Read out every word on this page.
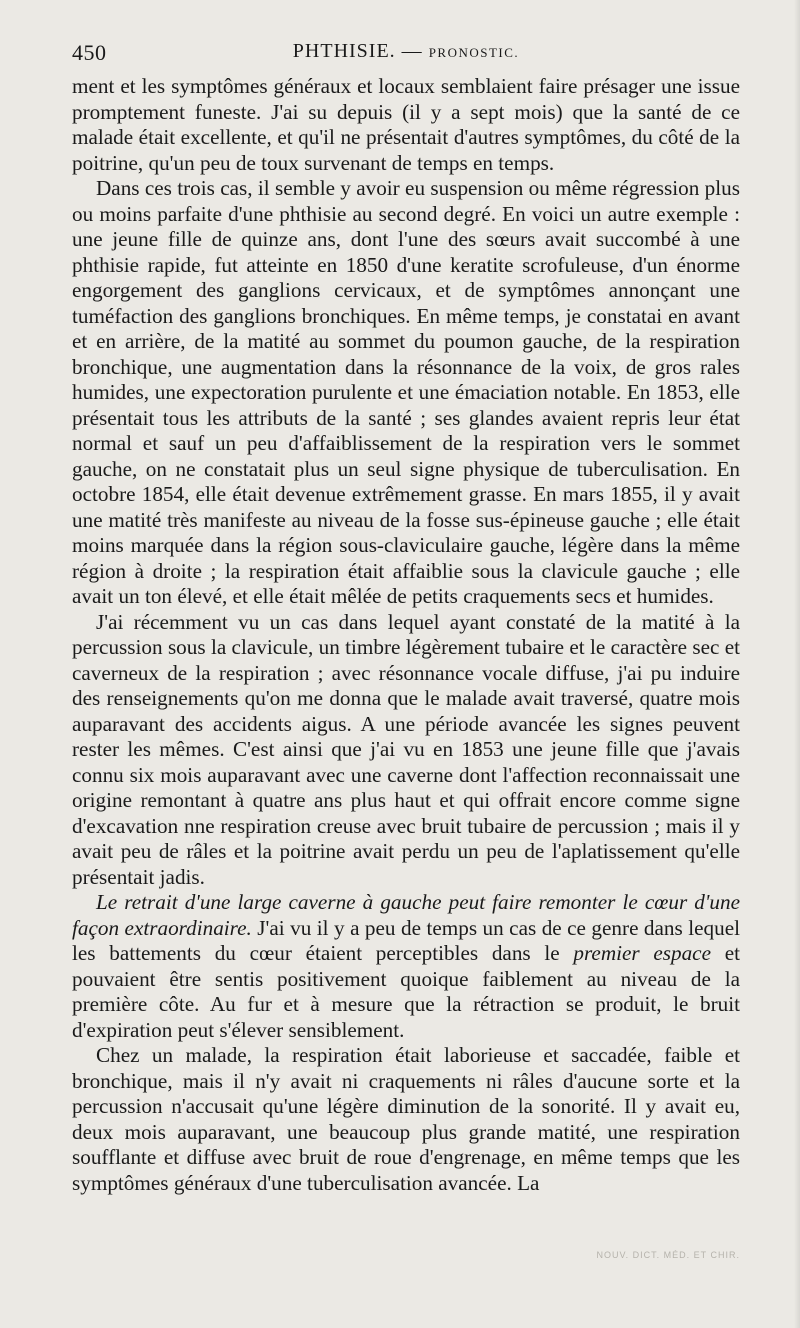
450	PHTHISIE. — PRONOSTIC.

ment et les symptômes généraux et locaux semblaient faire présager une issue promptement funeste. J'ai su depuis (il y a sept mois) que la santé de ce malade était excellente, et qu'il ne présentait d'autres symptômes, du côté de la poitrine, qu'un peu de toux survenant de temps en temps.

Dans ces trois cas, il semble y avoir eu suspension ou même régression plus ou moins parfaite d'une phthisie au second degré. En voici un autre exemple : une jeune fille de quinze ans, dont l'une des sœurs avait succombé à une phthisie rapide, fut atteinte en 1850 d'une keratite scrofuleuse, d'un énorme engorgement des ganglions cervicaux, et de symptômes annonçant une tuméfaction des ganglions bronchiques. En même temps, je constatai en avant et en arrière, de la matité au sommet du poumon gauche, de la respiration bronchique, une augmentation dans la résonnance de la voix, de gros rales humides, une expectoration purulente et une émaciation notable. En 1853, elle présentait tous les attributs de la santé ; ses glandes avaient repris leur état normal et sauf un peu d'affaiblissement de la respiration vers le sommet gauche, on ne constatait plus un seul signe physique de tuberculisation. En octobre 1854, elle était devenue extrêmement grasse. En mars 1855, il y avait une matité très manifeste au niveau de la fosse sus-épineuse gauche ; elle était moins marquée dans la région sous-claviculaire gauche, légère dans la même région à droite ; la respiration était affaiblie sous la clavicule gauche ; elle avait un ton élevé, et elle était mêlée de petits craquements secs et humides.

J'ai récemment vu un cas dans lequel ayant constaté de la matité à la percussion sous la clavicule, un timbre légèrement tubaire et le caractère sec et caverneux de la respiration ; avec résonnance vocale diffuse, j'ai pu induire des renseignements qu'on me donna que le malade avait traversé, quatre mois auparavant des accidents aigus. A une période avancée les signes peuvent rester les mêmes. C'est ainsi que j'ai vu en 1853 une jeune fille que j'avais connu six mois auparavant avec une caverne dont l'affection reconnaissait une origine remontant à quatre ans plus haut et qui offrait encore comme signe d'excavation nne respiration creuse avec bruit tubaire de percussion ; mais il y avait peu de râles et la poitrine avait perdu un peu de l'aplatissement qu'elle présentait jadis.

Le retrait d'une large caverne à gauche peut faire remonter le cœur d'une façon extraordinaire. J'ai vu il y a peu de temps un cas de ce genre dans lequel les battements du cœur étaient perceptibles dans le premier espace et pouvaient être sentis positivement quoique faiblement au niveau de la première côte. Au fur et à mesure que la rétraction se produit, le bruit d'expiration peut s'élever sensiblement.

Chez un malade, la respiration était laborieuse et saccadée, faible et bronchique, mais il n'y avait ni craquements ni râles d'aucune sorte et la percussion n'accusait qu'une légère diminution de la sonorité. Il y avait eu, deux mois auparavant, une beaucoup plus grande matité, une respiration soufflante et diffuse avec bruit de roue d'engrenage, en même temps que les symptômes généraux d'une tuberculisation avancée. La

NOUV. DICT. MÉD. ET CHIR.
